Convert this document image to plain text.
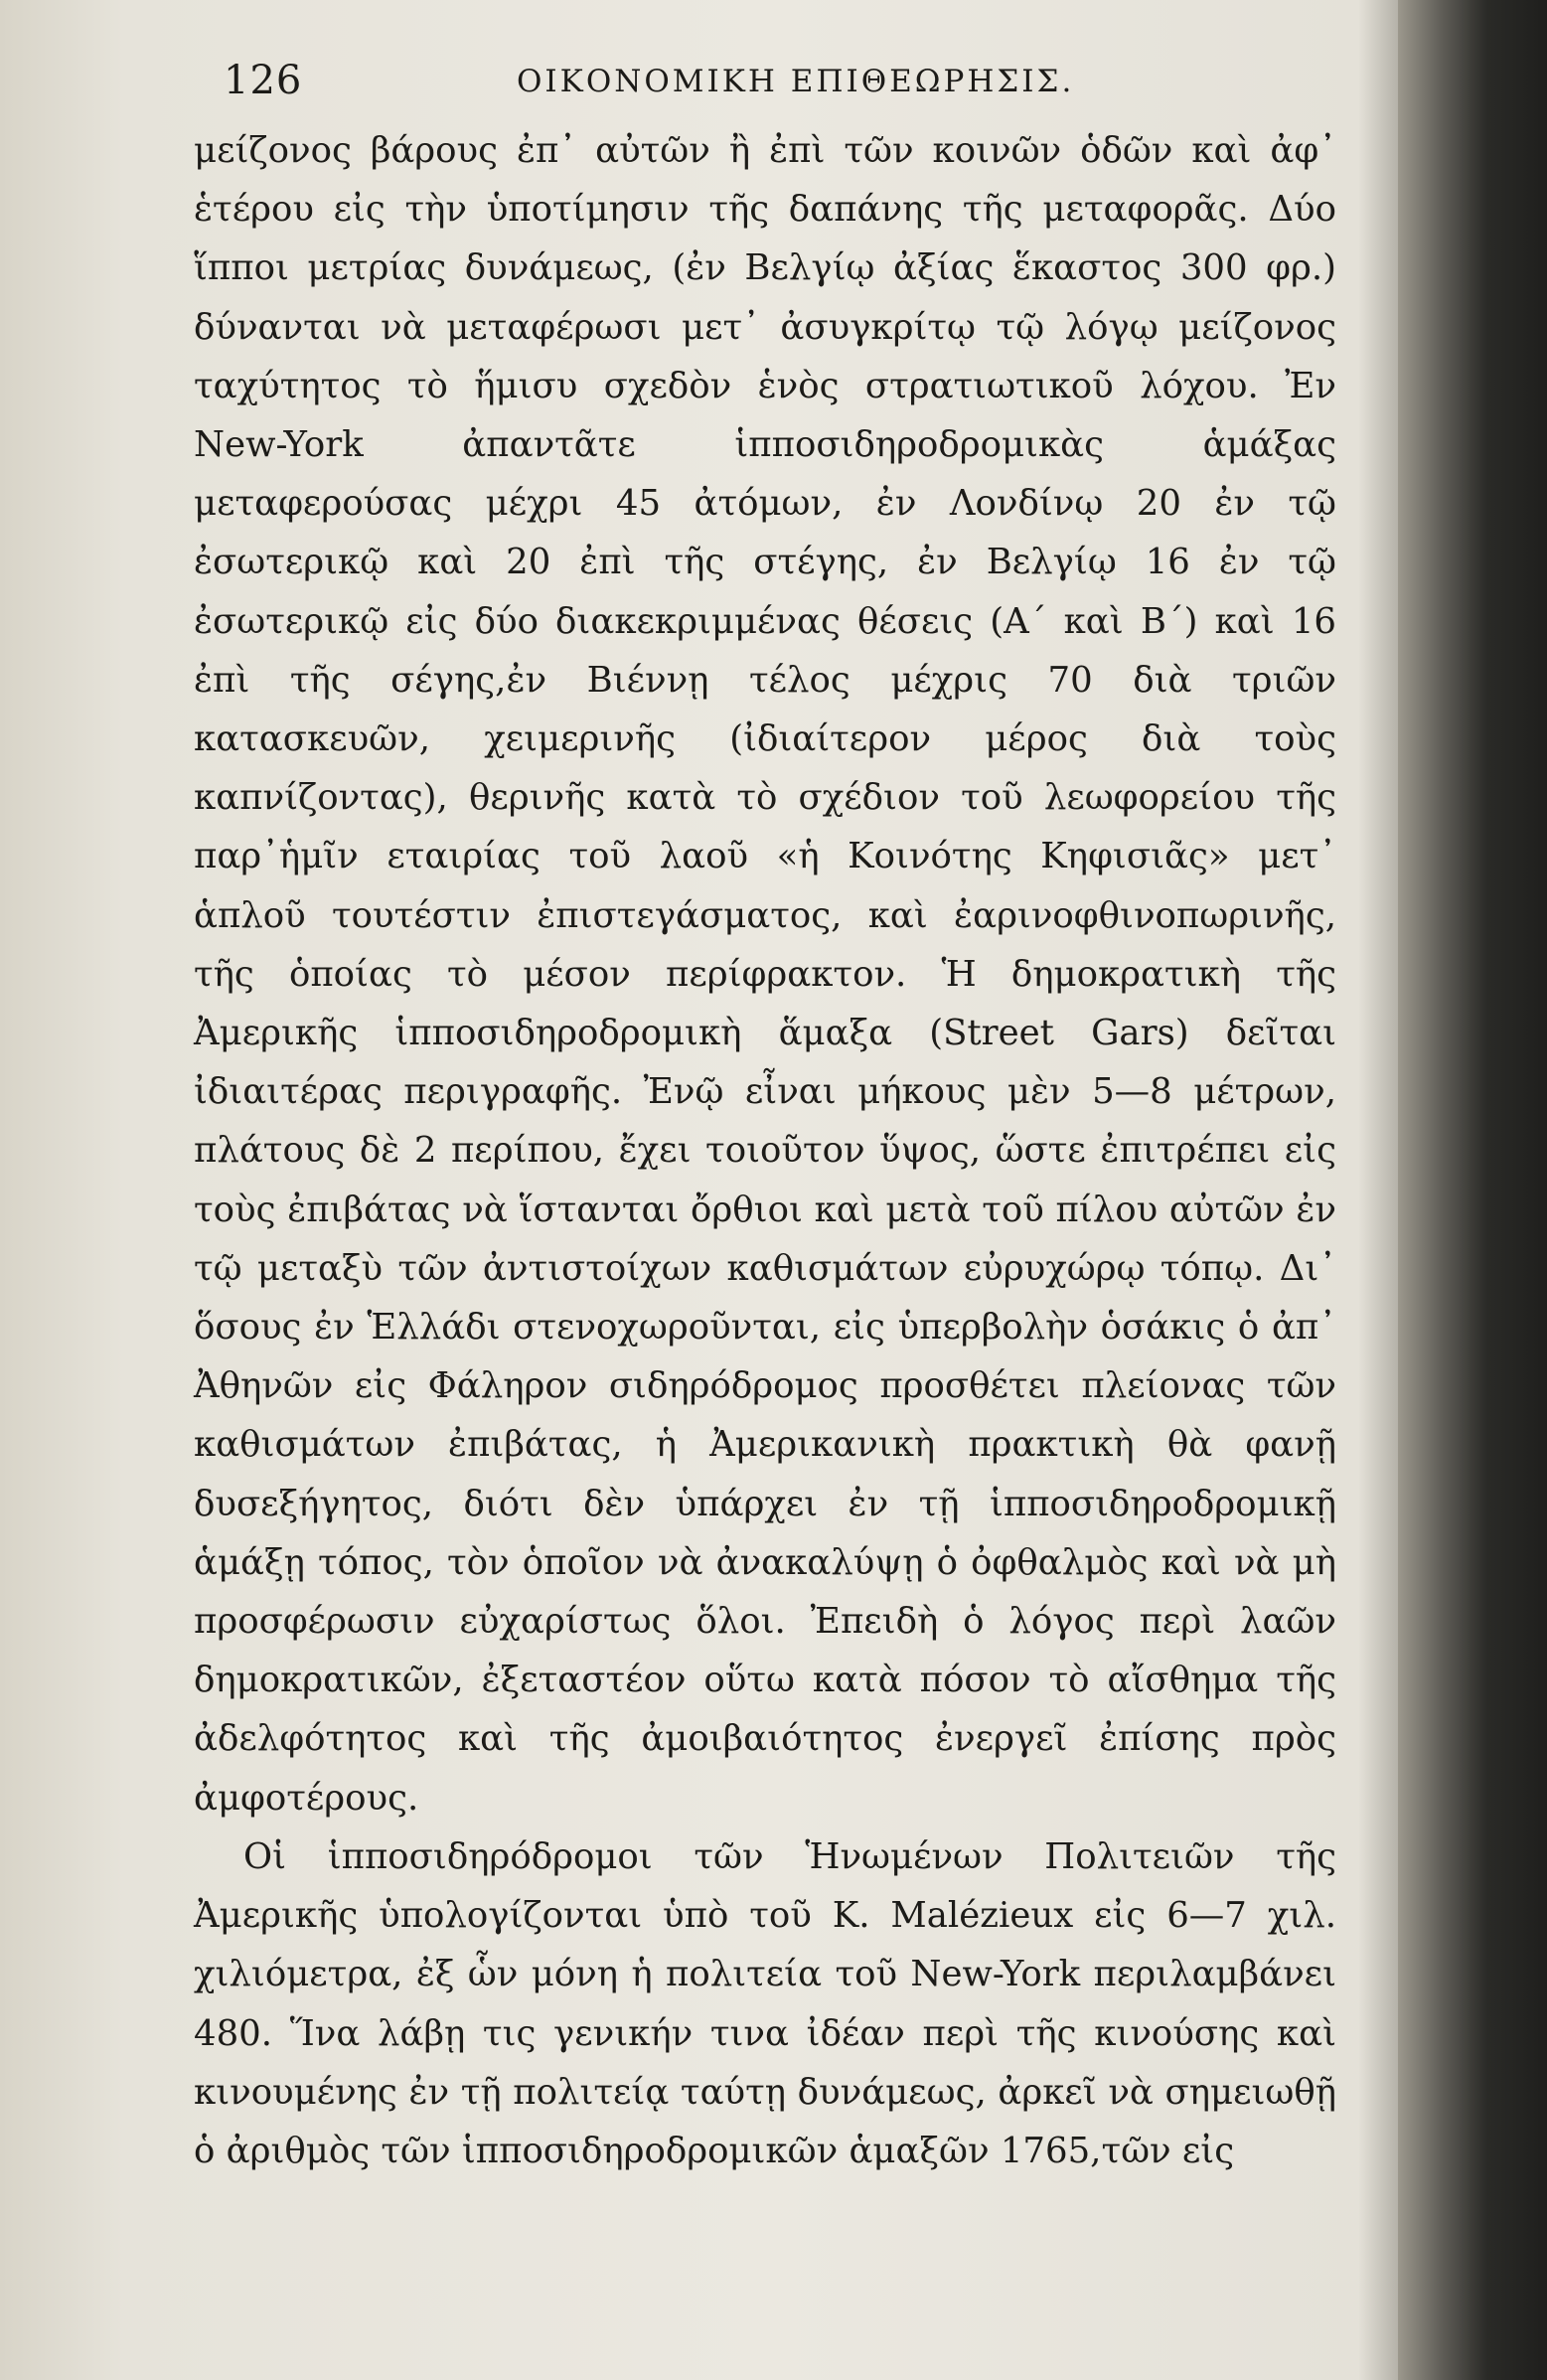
126	ΟΙΚΟΝΟΜΙΚΗ ΕΠΙΘΕΩΡΗΣΙΣ.

μείζονος βάρους ἐπ᾽ αὐτῶν ἢ ἐπὶ τῶν κοινῶν ὁδῶν καὶ ἀφ᾽ ἑτέρου εἰς τὴν ὑποτίμησιν τῆς δαπάνης τῆς μεταφορᾶς. Δύο ἵπποι μετρίας δυνάμεως, (ἐν Βελγίῳ ἀξίας ἕκαστος 300 φρ.) δύνανται νὰ μεταφέρωσι μετ᾽ ἀσυγκρίτῳ τῷ λόγῳ μείζονος ταχύτητος τὸ ἥμισυ σχεδὸν ἑνὸς στρατιωτικοῦ λόχου. Ἐν New-York ἀπαντᾶτε ἱπποσιδηροδρομικὰς ἁμάξας μεταφερούσας μέχρι 45 ἀτόμων, ἐν Λονδίνῳ 20 ἐν τῷ ἐσωτερικῷ καὶ 20 ἐπὶ τῆς στέγης, ἐν Βελγίῳ 16 ἐν τῷ ἐσωτερικῷ εἰς δύο διακεκριμμένας θέσεις (Α΄ καὶ Β΄) καὶ 16 ἐπὶ τῆς σέγης,ἐν Βιέννῃ τέλος μέχρις 70 διὰ τριῶν κατασκευῶν, χειμερινῆς (ἰδιαίτερον μέρος διὰ τοὺς καπνίζοντας), θερινῆς κατὰ τὸ σχέδιον τοῦ λεωφορείου τῆς παρ᾽ἡμῖν εταιρίας τοῦ λαοῦ «ἡ Κοινότης Κηφισιᾶς» μετ᾽ ἁπλοῦ τουτέστιν ἐπιστεγάσματος, καὶ ἐαρινοφθινοπωρινῆς, τῆς ὁποίας τὸ μέσον περίφρακτον. Ἡ δημοκρατικὴ τῆς Ἀμερικῆς ἱπποσιδηροδρομικὴ ἅμαξα (Street Gars) δεῖται ἰδιαιτέρας περιγραφῆς. Ἐνῷ εἶναι μήκους μὲν 5—8 μέτρων, πλάτους δὲ 2 περίπου, ἔχει τοιοῦτον ὕψος, ὥστε ἐπιτρέπει εἰς τοὺς ἐπιβάτας νὰ ἵστανται ὄρθιοι καὶ μετὰ τοῦ πίλου αὐτῶν ἐν τῷ μεταξὺ τῶν ἀντιστοίχων καθισμάτων εὐρυχώρῳ τόπῳ. Δι᾽ ὅσους ἐν Ἑλλάδι στενοχωροῦνται, εἰς ὑπερβολὴν ὁσάκις ὁ ἀπ᾽ Ἀθηνῶν εἰς Φάληρον σιδηρόδρομος προσθέτει πλείονας τῶν καθισμάτων ἐπιβάτας, ἡ Ἀμερικανικὴ πρακτικὴ θὰ φανῇ δυσεξήγητος, διότι δὲν ὑπάρχει ἐν τῇ ἱπποσιδηροδρομικῇ ἁμάξῃ τόπος, τὸν ὁποῖον νὰ ἀνακαλύψῃ ὁ ὀφθαλμὸς καὶ νὰ μὴ προσφέρωσιν εὐχαρίστως ὅλοι. Ἐπειδὴ ὁ λόγος περὶ λαῶν δημοκρατικῶν, ἐξεταστέον οὕτω κατὰ πόσον τὸ αἴσθημα τῆς ἀδελφότητος καὶ τῆς ἀμοιβαιότητος ἐνεργεῖ ἐπίσης πρὸς ἀμφοτέρους.

Οἱ ἱπποσιδηρόδρομοι τῶν Ἡνωμένων Πολιτειῶν τῆς Ἀμερικῆς ὑπολογίζονται ὑπὸ τοῦ Κ. Malézieux εἰς 6—7 χιλ. χιλιόμετρα, ἐξ ὧν μόνη ἡ πολιτεία τοῦ New-York περιλαμβάνει 480. Ἵνα λάβῃ τις γενικήν τινα ἰδέαν περὶ τῆς κινούσης καὶ κινουμένης ἐν τῇ πολιτείᾳ ταύτῃ δυνάμεως, ἀρκεῖ νὰ σημειωθῇ ὁ ἀριθμὸς τῶν ἱπποσιδηροδρομικῶν ἁμαξῶν 1765,τῶν εἰς
